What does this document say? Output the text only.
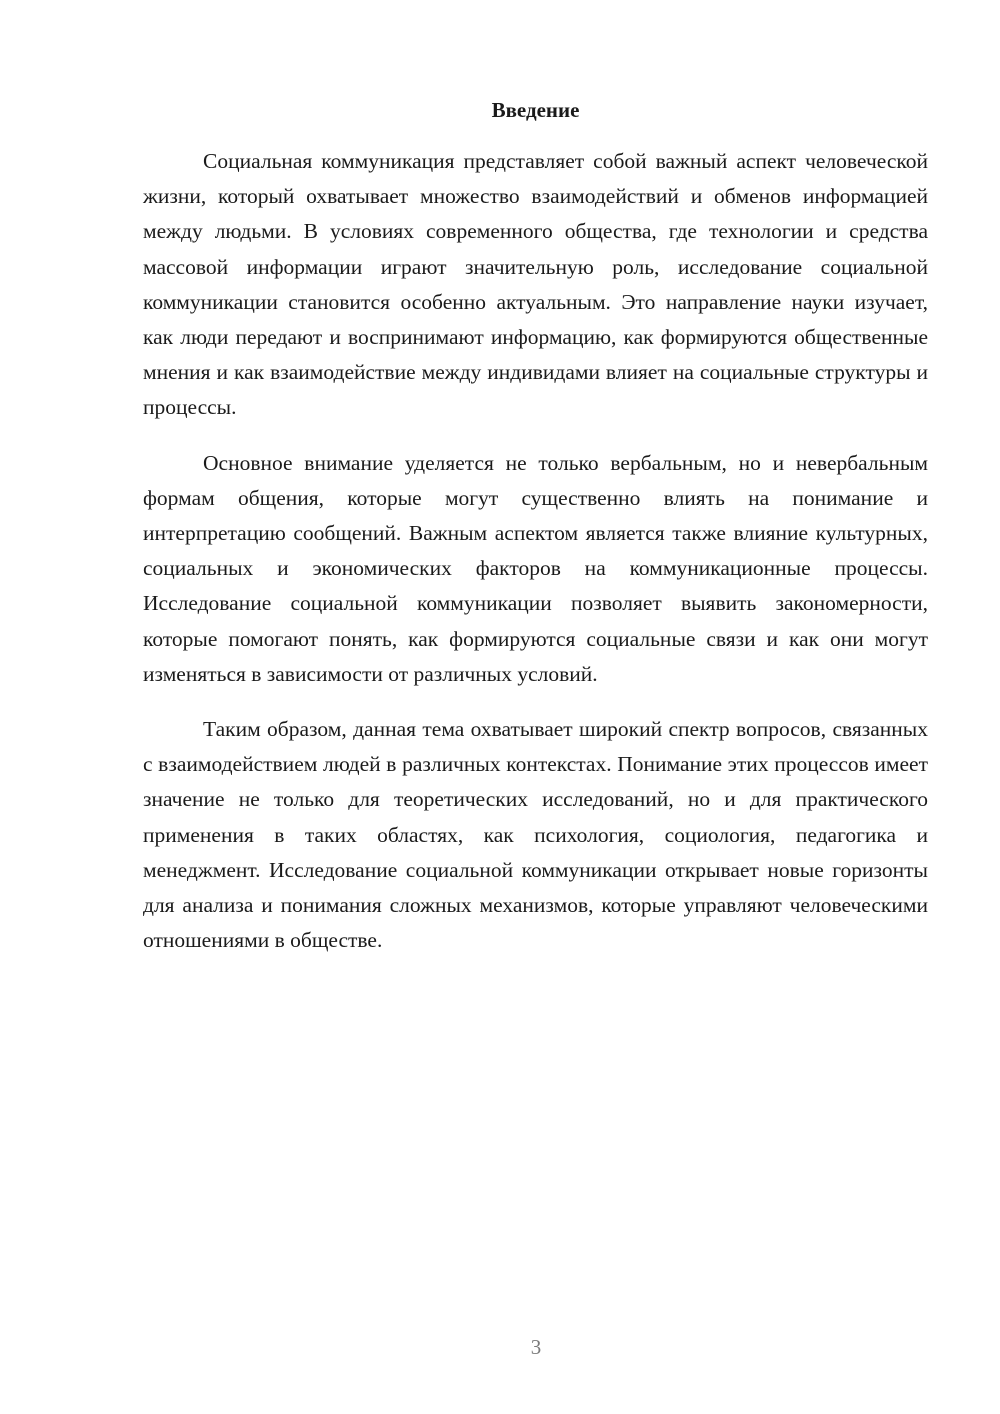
Введение

Социальная коммуникация представляет собой важный аспект человеческой жизни, который охватывает множество взаимодействий и обменов информацией между людьми. В условиях современного общества, где технологии и средства массовой информации играют значительную роль, исследование социальной коммуникации становится особенно актуальным. Это направление науки изучает, как люди передают и воспринимают информацию, как формируются общественные мнения и как взаимодействие между индивидами влияет на социальные структуры и процессы.

Основное внимание уделяется не только вербальным, но и невербальным формам общения, которые могут существенно влиять на понимание и интерпретацию сообщений. Важным аспектом является также влияние культурных, социальных и экономических факторов на коммуникационные процессы. Исследование социальной коммуникации позволяет выявить закономерности, которые помогают понять, как формируются социальные связи и как они могут изменяться в зависимости от различных условий.

Таким образом, данная тема охватывает широкий спектр вопросов, связанных с взаимодействием людей в различных контекстах. Понимание этих процессов имеет значение не только для теоретических исследований, но и для практического применения в таких областях, как психология, социология, педагогика и менеджмент. Исследование социальной коммуникации открывает новые горизонты для анализа и понимания сложных механизмов, которые управляют человеческими отношениями в обществе.

3
